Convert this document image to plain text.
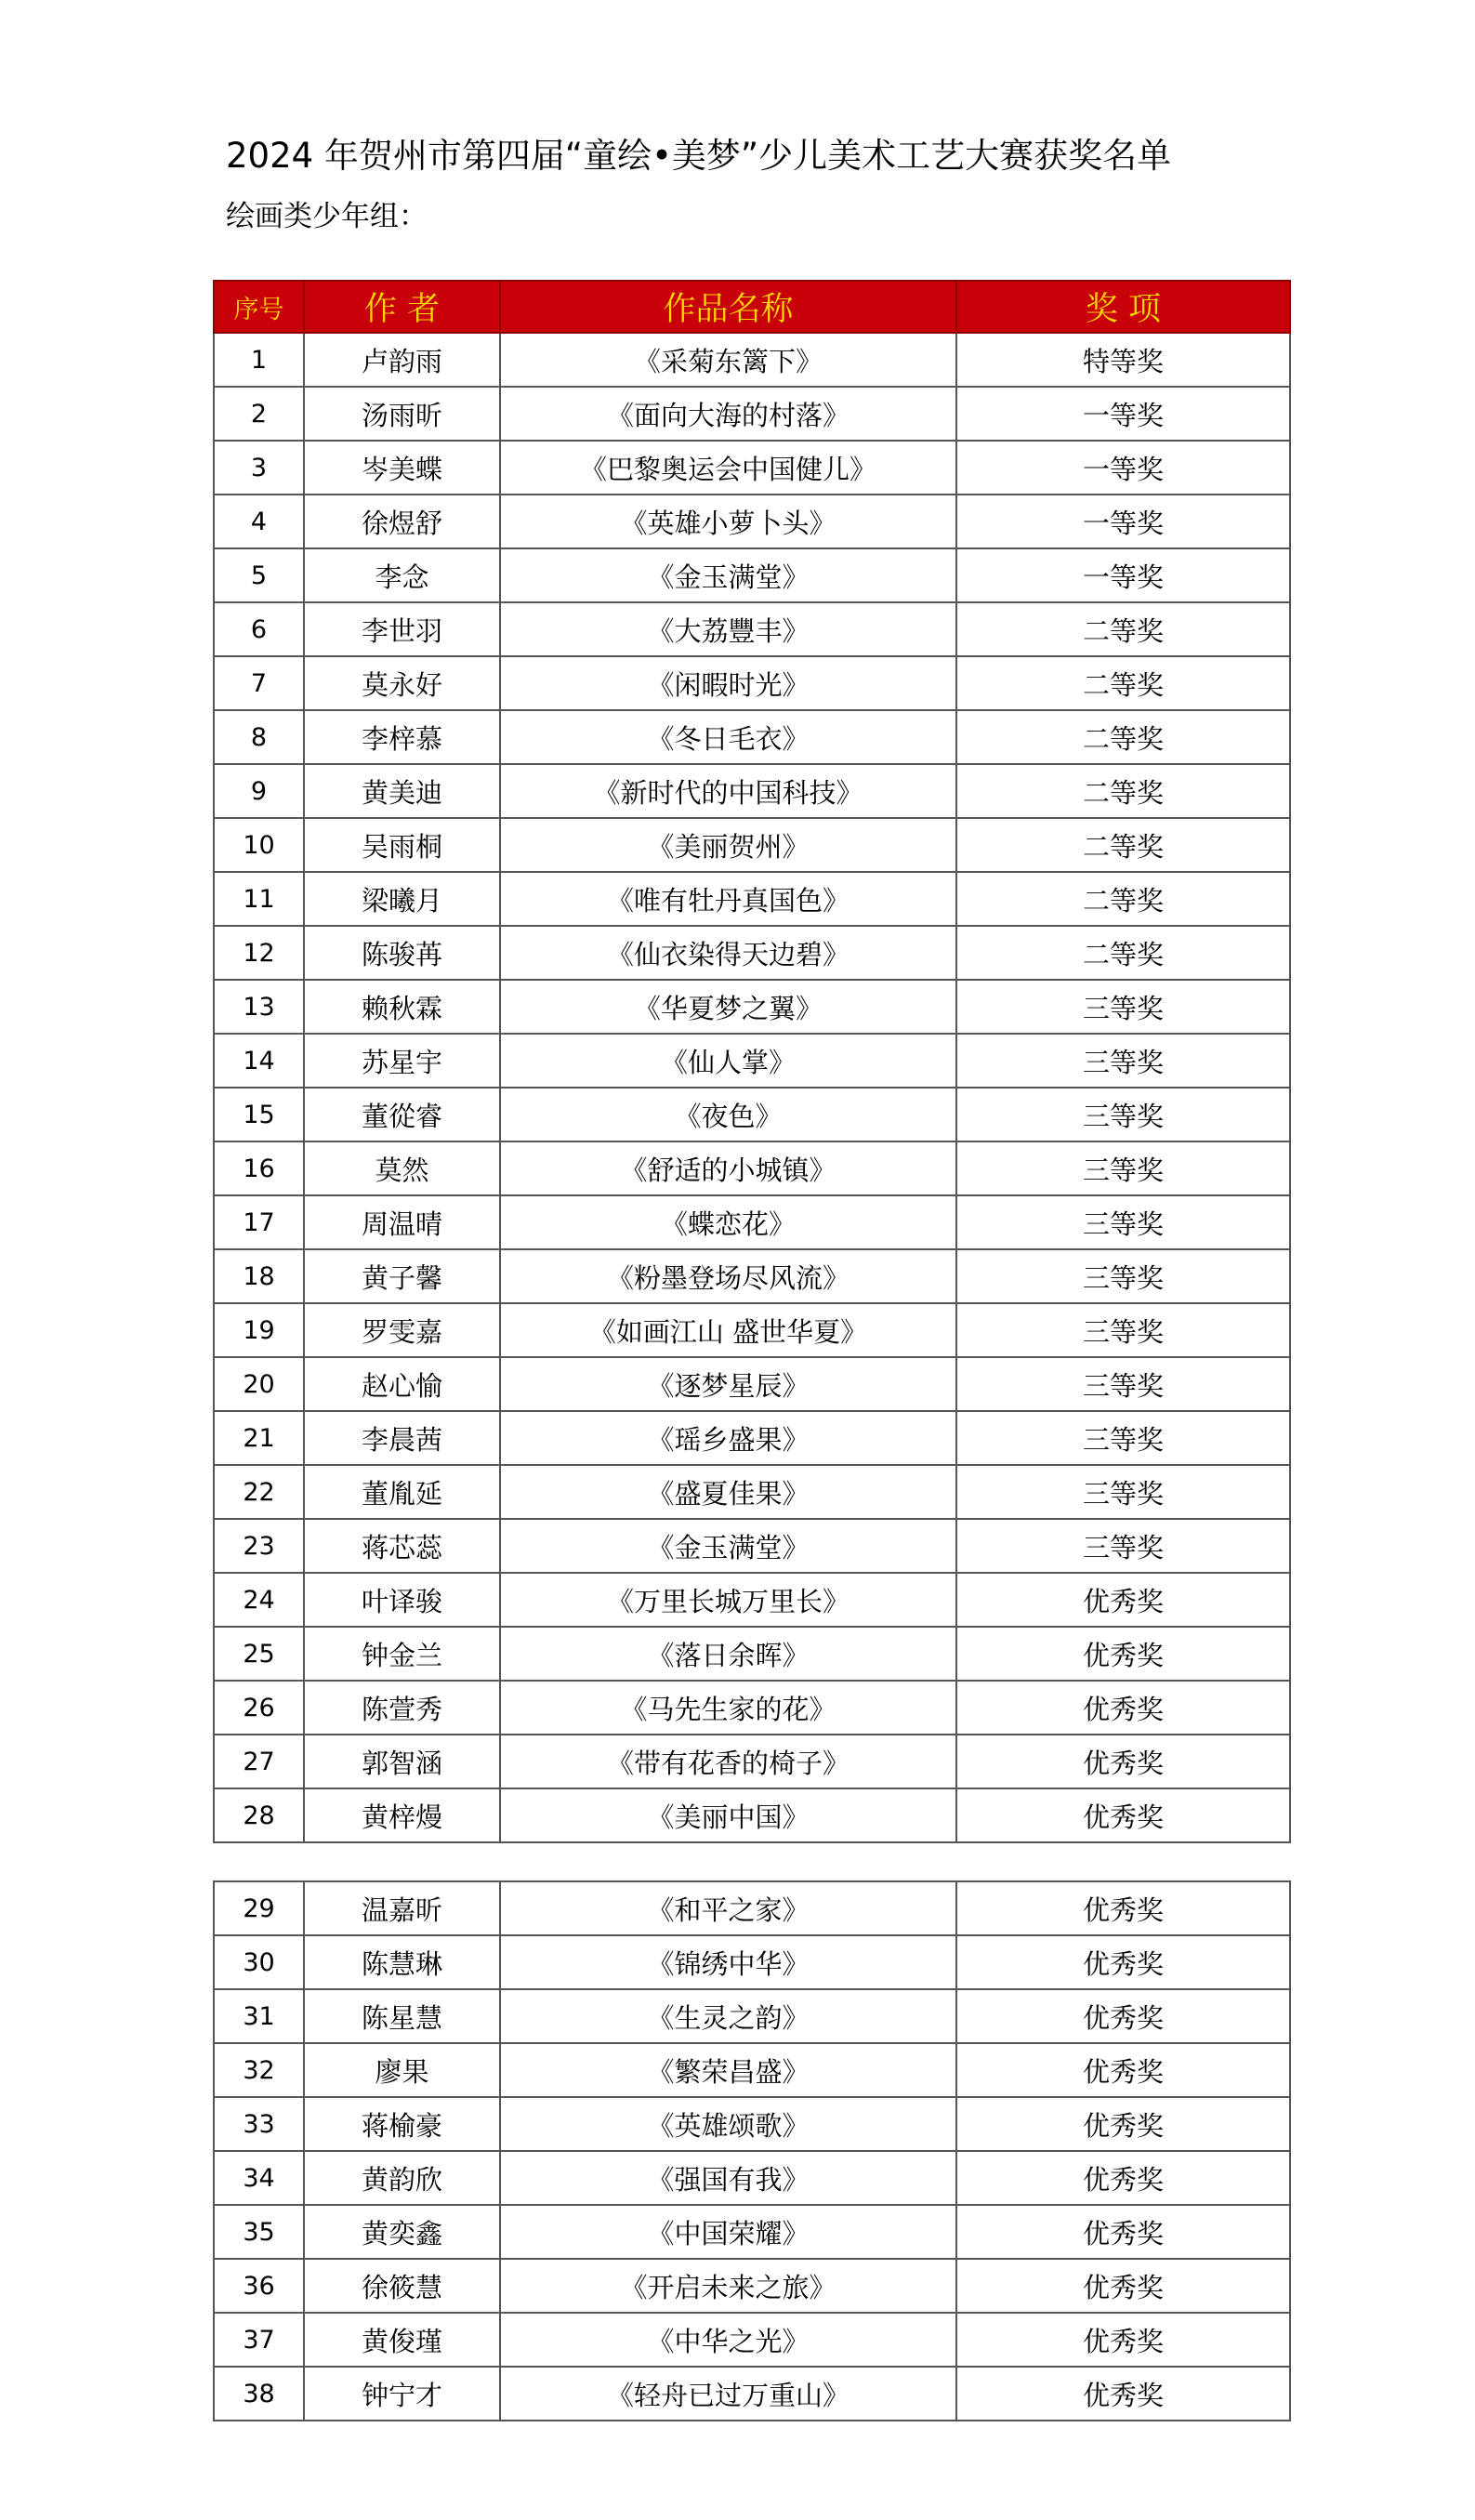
2024 年贺州市第四届“童绘•美梦”少儿美术工艺大赛获奖名单
绘画类少年组：
序号	作 者	作品名称	奖 项
1	卢韵雨	《采菊东篱下》	特等奖
2	汤雨昕	《面向大海的村落》	一等奖
3	岑美蝶	《巴黎奥运会中国健儿》	一等奖
4	徐煜舒	《英雄小萝卜头》	一等奖
5	李念	《金玉满堂》	一等奖
6	李世羽	《大荔豐丰》	二等奖
7	莫永好	《闲暇时光》	二等奖
8	李梓慕	《冬日毛衣》	二等奖
9	黄美迪	《新时代的中国科技》	二等奖
10	吴雨桐	《美丽贺州》	二等奖
11	梁曦月	《唯有牡丹真国色》	二等奖
12	陈骏苒	《仙衣染得天边碧》	二等奖
13	赖秋霖	《华夏梦之翼》	三等奖
14	苏星宇	《仙人掌》	三等奖
15	董從睿	《夜色》	三等奖
16	莫然	《舒适的小城镇》	三等奖
17	周温晴	《蝶恋花》	三等奖
18	黄子馨	《粉墨登场尽风流》	三等奖
19	罗雯嘉	《如画江山 盛世华夏》	三等奖
20	赵心愉	《逐梦星辰》	三等奖
21	李晨茜	《瑶乡盛果》	三等奖
22	董胤延	《盛夏佳果》	三等奖
23	蒋芯蕊	《金玉满堂》	三等奖
24	叶译骏	《万里长城万里长》	优秀奖
25	钟金兰	《落日余晖》	优秀奖
26	陈萱秀	《马先生家的花》	优秀奖
27	郭智涵	《带有花香的椅子》	优秀奖
28	黄梓熳	《美丽中国》	优秀奖
29	温嘉昕	《和平之家》	优秀奖
30	陈慧琳	《锦绣中华》	优秀奖
31	陈星慧	《生灵之韵》	优秀奖
32	廖果	《繁荣昌盛》	优秀奖
33	蒋榆豪	《英雄颂歌》	优秀奖
34	黄韵欣	《强国有我》	优秀奖
35	黄奕鑫	《中国荣耀》	优秀奖
36	徐筱慧	《开启未来之旅》	优秀奖
37	黄俊瑾	《中华之光》	优秀奖
38	钟宁才	《轻舟已过万重山》	优秀奖
